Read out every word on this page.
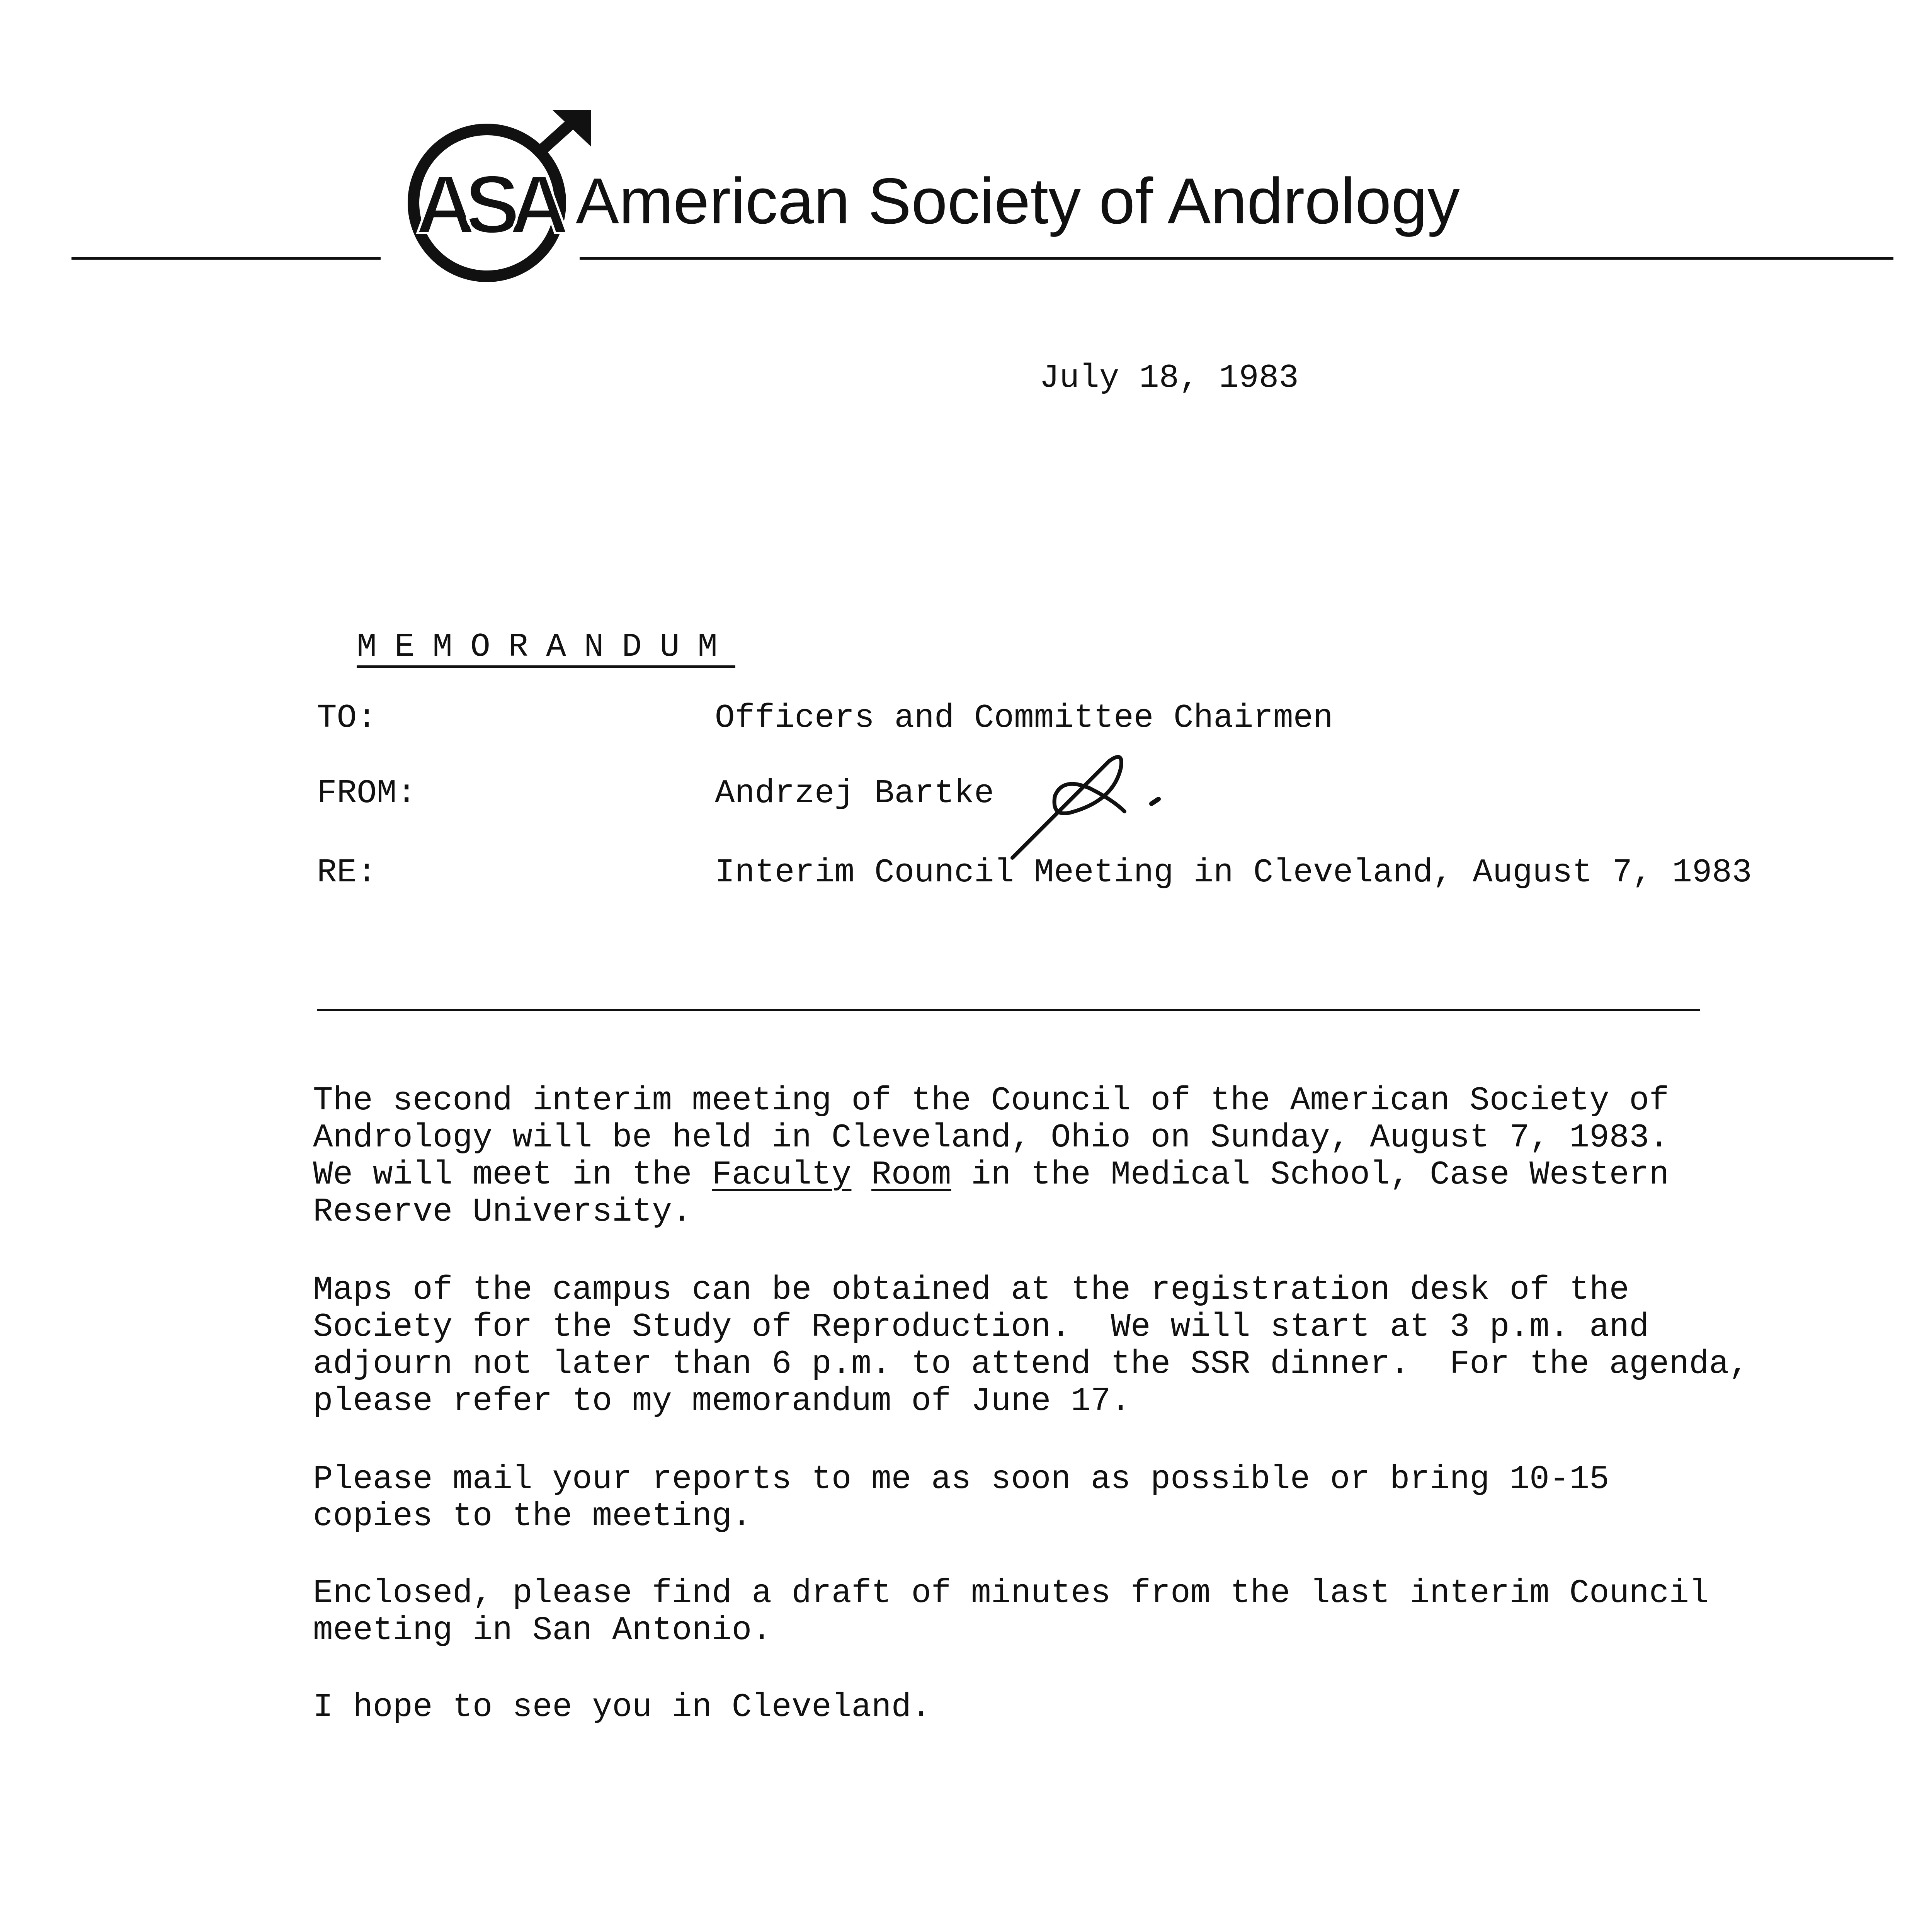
ASA American Society of Andrology
July 18, 1983

M E M O R A N D U M

TO:	Officers and Committee Chairmen
FROM:	Andrzej Bartke
RE:	Interim Council Meeting in Cleveland, August 7, 1983
The second interim meeting of the Council of the American Society of
Andrology will be held in Cleveland, Ohio on Sunday, August 7, 1983.
We will meet in the Faculty Room in the Medical School, Case Western
Reserve University.
Maps of the campus can be obtained at the registration desk of the
Society for the Study of Reproduction.  We will start at 3 p.m. and
adjourn not later than 6 p.m. to attend the SSR dinner.  For the agenda,
please refer to my memorandum of June 17.
Please mail your reports to me as soon as possible or bring 10-15
copies to the meeting.
Enclosed, please find a draft of minutes from the last interim Council
meeting in San Antonio.
I hope to see you in Cleveland.
